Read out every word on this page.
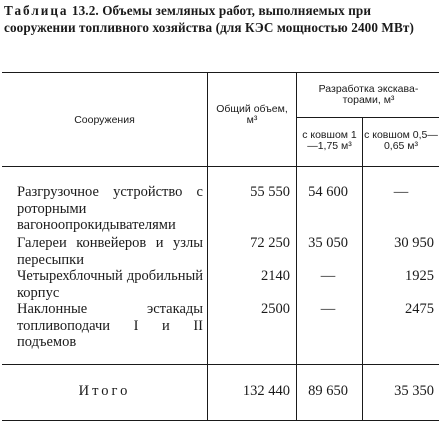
Таблица 13.2. Объемы земляных работ, выполняемых при сооружении топливного хозяйства (для КЭС мощностью 2400 МВт)
Сооружения
Общий объем, м³
Разработка экскава-торами, м³
с ковшом 1—1,75 м³
с ковшом 0,5—0,65 м³
Разгрузочное устройство с роторными вагоноопрокидывателями
55 550	54 600	—
Галереи конвейеров и узлы пересыпки
72 250	35 050	30 950
Четырехблочный дробильный корпус
2140	—	1925
Наклонные эстакады топливоподачи I и II подъемов
2500	—	2475
Итого	132 440	89 650	35 350
